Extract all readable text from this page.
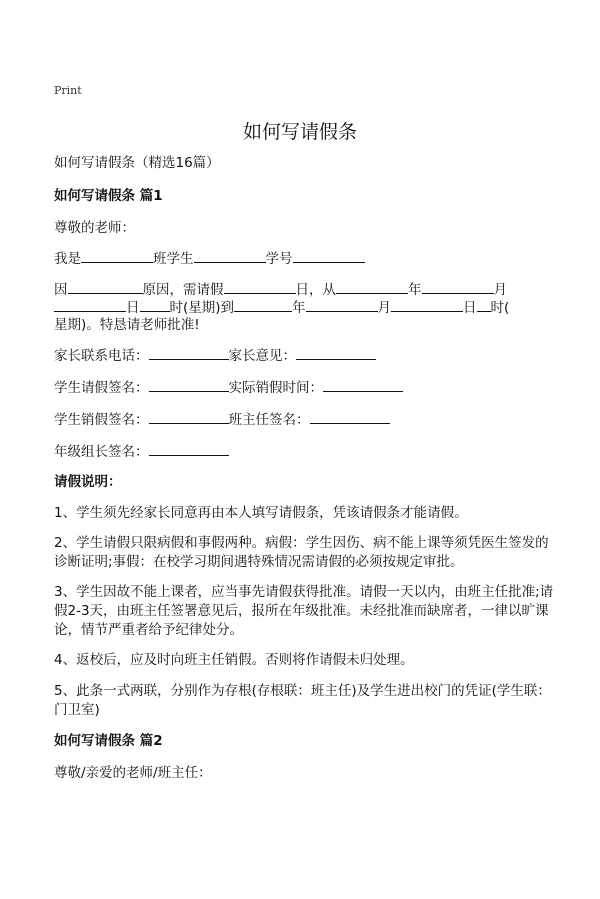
Print
如何写请假条
如何写请假条（精选16篇）
如何写请假条 篇1
尊敬的老师：
我是	班学生	学号
因	原因，需请假	日，从	年	月
日 时(星期)到	年	月	日 时(
星期)。特恳请老师批准!
家长联系电话：	家长意见：
学生请假签名：	实际销假时间：
学生销假签名：	班主任签名：
年级组长签名：
请假说明：
1、学生须先经家长同意再由本人填写请假条，凭该请假条才能请假。
2、学生请假只限病假和事假两种。病假：学生因伤、病不能上课等须凭医生签发的诊断证明;事假：在校学习期间遇特殊情况需请假的必须按规定审批。
3、学生因故不能上课者，应当事先请假获得批准。请假一天以内，由班主任批准;请假2-3天，由班主任签署意见后，报所在年级批准。未经批准而缺席者，一律以旷课论，情节严重者给予纪律处分。
4、返校后，应及时向班主任销假。否则将作请假未归处理。
5、此条一式两联，分别作为存根(存根联：班主任)及学生进出校门的凭证(学生联：门卫室)
如何写请假条 篇2
尊敬/亲爱的老师/班主任：
